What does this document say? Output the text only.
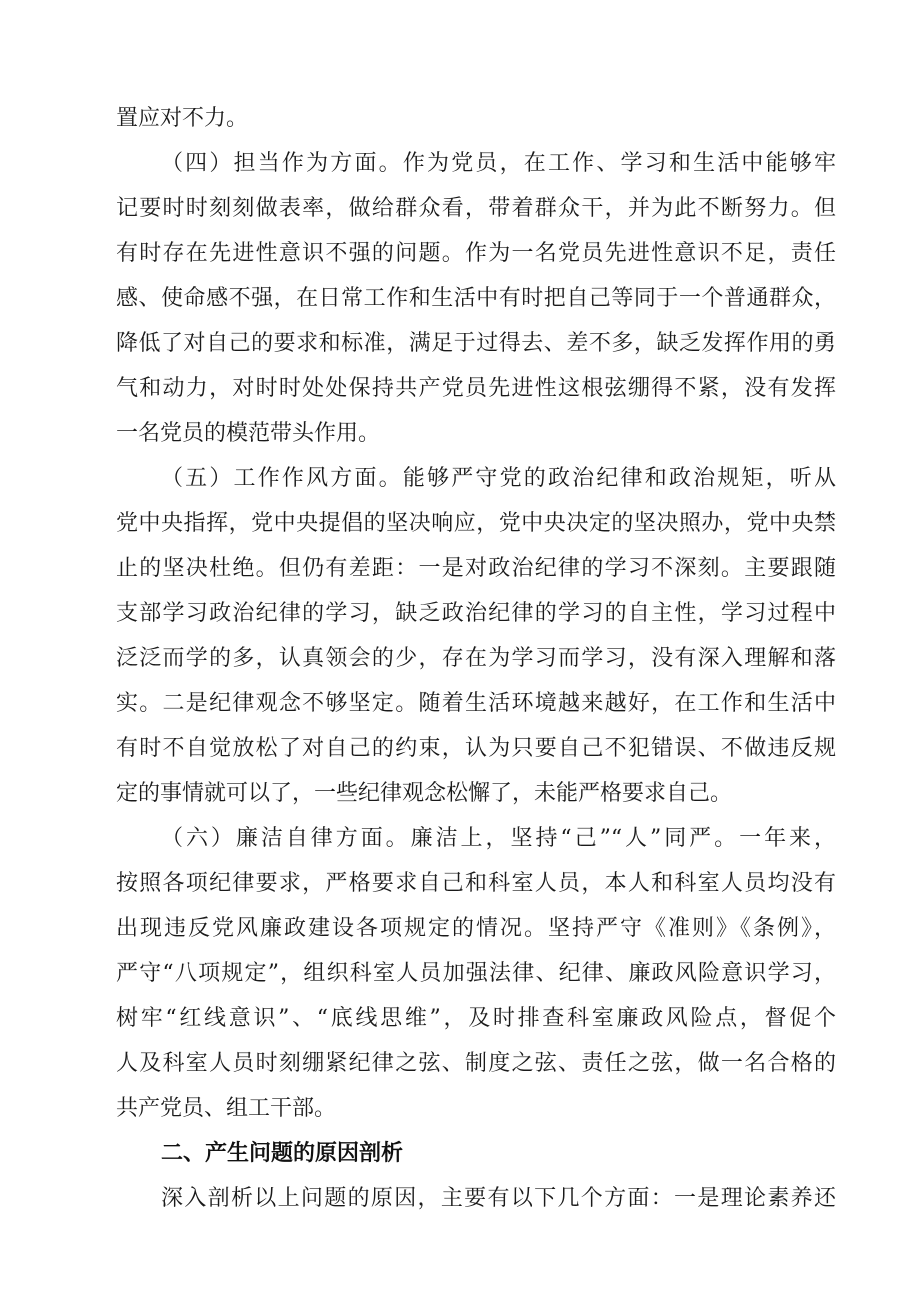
置应对不力。
（四）担当作为方面。作为党员，在工作、学习和生活中能够牢
记要时时刻刻做表率，做给群众看，带着群众干，并为此不断努力。但
有时存在先进性意识不强的问题。作为一名党员先进性意识不足，责任
感、使命感不强，在日常工作和生活中有时把自己等同于一个普通群众，
降低了对自己的要求和标准，满足于过得去、差不多，缺乏发挥作用的勇
气和动力，对时时处处保持共产党员先进性这根弦绷得不紧，没有发挥
一名党员的模范带头作用。
（五）工作作风方面。能够严守党的政治纪律和政治规矩，听从
党中央指挥，党中央提倡的坚决响应，党中央决定的坚决照办，党中央禁
止的坚决杜绝。但仍有差距：一是对政治纪律的学习不深刻。主要跟随
支部学习政治纪律的学习，缺乏政治纪律的学习的自主性，学习过程中
泛泛而学的多，认真领会的少，存在为学习而学习，没有深入理解和落
实。二是纪律观念不够坚定。随着生活环境越来越好，在工作和生活中
有时不自觉放松了对自己的约束，认为只要自己不犯错误、不做违反规
定的事情就可以了，一些纪律观念松懈了，未能严格要求自己。
（六）廉洁自律方面。廉洁上，坚持“己”“人”同严。一年来，
按照各项纪律要求，严格要求自己和科室人员，本人和科室人员均没有
出现违反党风廉政建设各项规定的情况。坚持严守《准则》《条例》，
严守“八项规定”，组织科室人员加强法律、纪律、廉政风险意识学习，
树牢“红线意识”、“底线思维”，及时排查科室廉政风险点，督促个
人及科室人员时刻绷紧纪律之弦、制度之弦、责任之弦，做一名合格的
共产党员、组工干部。
二、产生问题的原因剖析
深入剖析以上问题的原因，主要有以下几个方面：一是理论素养还
